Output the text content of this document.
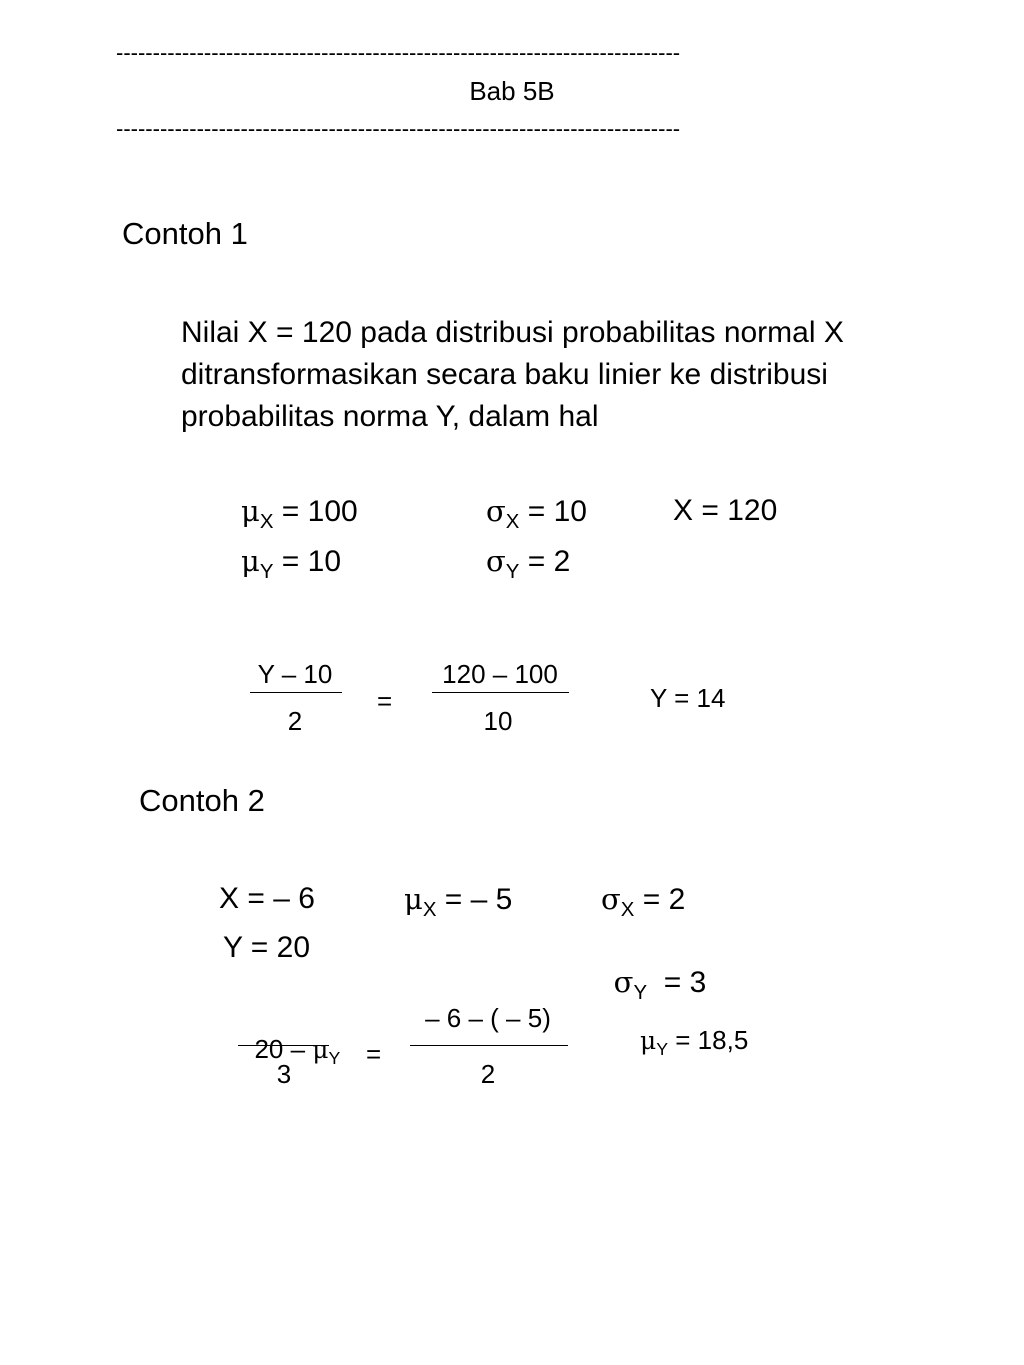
-----------------------------------------------------------------------------
Bab 5B
-----------------------------------------------------------------------------
Contoh 1
Nilai X = 120 pada distribusi probabilitas normal X
ditransformasikan secara baku linier ke distribusi
probabilitas norma Y, dalam hal
$\mu_X = 100$	$\sigma_X = 10$	X = 120
$\mu_Y = 10$	$\sigma_Y = 2$
Y – 10
2
=
120 – 100
10
Y = 14
Contoh 2
X = – 6	$\mu_X$ = – 5	$\sigma_X = 2$
Y = 20

$\sigma_Y = 3$

$20 - \mu_Y$

3
=
– 6 – ( – 5)
2
$\mu_Y = 18,5$
